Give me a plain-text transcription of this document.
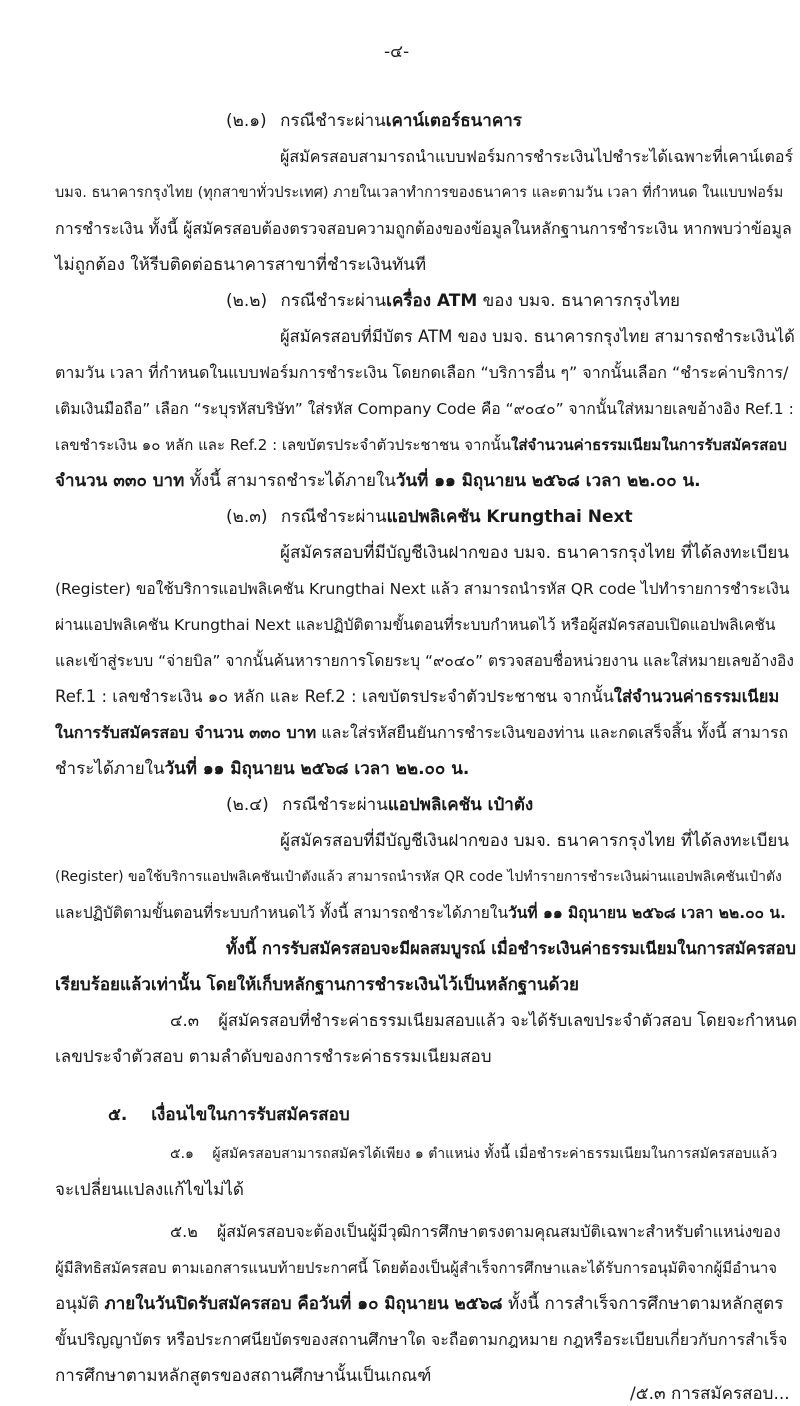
-๔-
(๒.๑) กรณีชำระผ่านเคาน์เตอร์ธนาคาร
ผู้สมัครสอบสามารถนำแบบฟอร์มการชำระเงินไปชำระได้เฉพาะที่เคาน์เตอร์
บมจ. ธนาคารกรุงไทย (ทุกสาขาทั่วประเทศ) ภายในเวลาทำการของธนาคาร และตามวัน เวลา ที่กำหนด ในแบบฟอร์ม
การชำระเงิน ทั้งนี้ ผู้สมัครสอบต้องตรวจสอบความถูกต้องของข้อมูลในหลักฐานการชำระเงิน หากพบว่าข้อมูล
ไม่ถูกต้อง ให้รีบติดต่อธนาคารสาขาที่ชำระเงินทันที
(๒.๒) กรณีชำระผ่านเครื่อง ATM ของ บมจ. ธนาคารกรุงไทย
ผู้สมัครสอบที่มีบัตร ATM ของ บมจ. ธนาคารกรุงไทย สามารถชำระเงินได้
ตามวัน เวลา ที่กำหนดในแบบฟอร์มการชำระเงิน โดยกดเลือก “บริการอื่น ๆ” จากนั้นเลือก “ชำระค่าบริการ/
เติมเงินมือถือ” เลือก “ระบุรหัสบริษัท” ใส่รหัส Company Code คือ “๙๐๔๐” จากนั้นใส่หมายเลขอ้างอิง Ref.1 :
เลขชำระเงิน ๑๐ หลัก และ Ref.2 : เลขบัตรประจำตัวประชาชน จากนั้นใส่จำนวนค่าธรรมเนียมในการรับสมัครสอบ
จำนวน ๓๓๐ บาท ทั้งนี้ สามารถชำระได้ภายในวันที่ ๑๑ มิถุนายน ๒๕๖๘ เวลา ๒๒.๐๐ น.
(๒.๓) กรณีชำระผ่านแอปพลิเคชัน Krungthai Next
ผู้สมัครสอบที่มีบัญชีเงินฝากของ บมจ. ธนาคารกรุงไทย ที่ได้ลงทะเบียน
(Register) ขอใช้บริการแอปพลิเคชัน Krungthai Next แล้ว สามารถนำรหัส QR code ไปทำรายการชำระเงิน
ผ่านแอปพลิเคชัน Krungthai Next และปฏิบัติตามขั้นตอนที่ระบบกำหนดไว้ หรือผู้สมัครสอบเปิดแอปพลิเคชัน
และเข้าสู่ระบบ “จ่ายบิล” จากนั้นค้นหารายการโดยระบุ “๙๐๔๐” ตรวจสอบชื่อหน่วยงาน และใส่หมายเลขอ้างอิง
Ref.1 : เลขชำระเงิน ๑๐ หลัก และ Ref.2 : เลขบัตรประจำตัวประชาชน จากนั้นใส่จำนวนค่าธรรมเนียม
ในการรับสมัครสอบ จำนวน ๓๓๐ บาท และใส่รหัสยืนยันการชำระเงินของท่าน และกดเสร็จสิ้น ทั้งนี้ สามารถ
ชำระได้ภายในวันที่ ๑๑ มิถุนายน ๒๕๖๘ เวลา ๒๒.๐๐ น.
(๒.๔) กรณีชำระผ่านแอปพลิเคชัน เป๋าตัง
ผู้สมัครสอบที่มีบัญชีเงินฝากของ บมจ. ธนาคารกรุงไทย ที่ได้ลงทะเบียน
(Register) ขอใช้บริการแอปพลิเคชันเป๋าตังแล้ว สามารถนำรหัส QR code ไปทำรายการชำระเงินผ่านแอปพลิเคชันเป๋าตัง
และปฏิบัติตามขั้นตอนที่ระบบกำหนดไว้ ทั้งนี้ สามารถชำระได้ภายในวันที่ ๑๑ มิถุนายน ๒๕๖๘ เวลา ๒๒.๐๐ น.
ทั้งนี้ การรับสมัครสอบจะมีผลสมบูรณ์ เมื่อชำระเงินค่าธรรมเนียมในการสมัครสอบ
เรียบร้อยแล้วเท่านั้น โดยให้เก็บหลักฐานการชำระเงินไว้เป็นหลักฐานด้วย
๔.๓ ผู้สมัครสอบที่ชำระค่าธรรมเนียมสอบแล้ว จะได้รับเลขประจำตัวสอบ โดยจะกำหนด
เลขประจำตัวสอบ ตามลำดับของการชำระค่าธรรมเนียมสอบ
๕. เงื่อนไขในการรับสมัครสอบ
๕.๑ ผู้สมัครสอบสามารถสมัครได้เพียง ๑ ตำแหน่ง ทั้งนี้ เมื่อชำระค่าธรรมเนียมในการสมัครสอบแล้ว
จะเปลี่ยนแปลงแก้ไขไม่ได้
๕.๒ ผู้สมัครสอบจะต้องเป็นผู้มีวุฒิการศึกษาตรงตามคุณสมบัติเฉพาะสำหรับตำแหน่งของ
ผู้มีสิทธิสมัครสอบ ตามเอกสารแนบท้ายประกาศนี้ โดยต้องเป็นผู้สำเร็จการศึกษาและได้รับการอนุมัติจากผู้มีอำนาจ
อนุมัติ ภายในวันปิดรับสมัครสอบ คือวันที่ ๑๐ มิถุนายน ๒๕๖๘ ทั้งนี้ การสำเร็จการศึกษาตามหลักสูตร
ขั้นปริญญาบัตร หรือประกาศนียบัตรของสถานศึกษาใด จะถือตามกฎหมาย กฎหรือระเบียบเกี่ยวกับการสำเร็จ
การศึกษาตามหลักสูตรของสถานศึกษานั้นเป็นเกณฑ์
/๕.๓ การสมัครสอบ...
